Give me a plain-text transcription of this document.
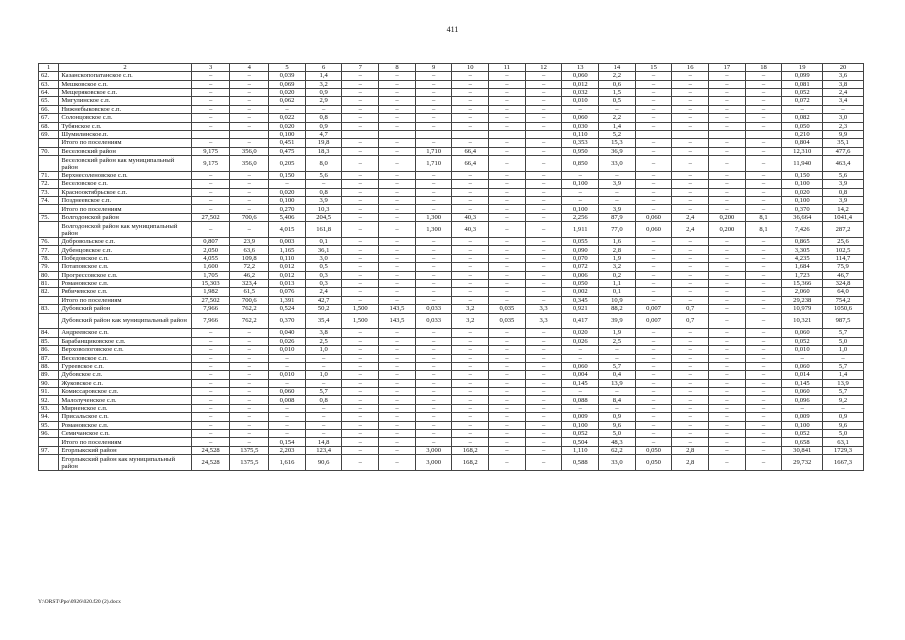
411
1	2	3	4	5	6	7	8	9	10	11	12	13	14	15	16	17	18	19	20
62.	Казанскопопатанское с.п.	–	–	0,039	1,4	–	–	–	–	–	–	0,060	2,2	–	–	–	–	0,099	3,6
63.	Мешковское с.п.	–	–	0,069	3,2	–	–	–	–	–	–	0,012	0,6	–	–	–	–	0,081	3,8
64.	Мещеряковское с.п.	–	–	0,020	0,9	–	–	–	–	–	–	0,032	1,5	–	–	–	–	0,052	2,4
65.	Мигулинское с.п.	–	–	0,062	2,9	–	–	–	–	–	–	0,010	0,5	–	–	–	–	0,072	3,4
66.	Нижнебыковское с.п.	–	–	–	–	–	–	–	–	–	–	–	–	–	–	–	–	–	–
67.	Солонцовское с.п.	–	–	0,022	0,8	–	–	–	–	–	–	0,060	2,2	–	–	–	–	0,082	3,0
68.	Тубянское с.п.	–	–	0,020	0,9	–	–	–	–	–	–	0,030	1,4	–	–	–	–	0,050	2,3
69.	Шумилинское.п.			0,100	4,7							0,110	5,2					0,210	9,9
	Итого по поселениям	–	–	0,451	19,8	–	–	–	–	–	–	0,353	15,3	–	–	–	–	0,804	35,1
70.	Веселовский район	9,175	356,0	0,475	18,3	–	–	1,710	66,4	–	–	0,950	36,9	–	–	–	–	12,310	477,6
	Веселовский район как муниципальный район	9,175	356,0	0,205	8,0	–	–	1,710	66,4	–	–	0,850	33,0	–	–	–	–	11,940	463,4
71.	Верхнесоленовское с.п.	–	–	0,150	5,6	–	–	–	–	–	–	–	–	–	–	–	–	0,150	5,6
72.	Веселовское с.п.	–	–	–	–	–	–	–	–	–	–	0,100	3,9	–	–	–	–	0,100	3,9
73.	Краснооктябрьское с.п.	–	–	0,020	0,8	–	–	–	–	–	–	–	–	–	–	–	–	0,020	0,8
74.	Позднеевское с.п.	–	–	0,100	3,9	–	–	–	–	–	–	–	–	–	–	–	–	0,100	3,9
	Итого по поселениям	–	–	0,270	10,3	–	–	–	–	–	–	0,100	3,9	–	–	–	–	0,370	14,2
75.	Волгодонской район	27,502	700,6	5,406	204,5	–	–	1,300	40,3	–	–	2,256	87,9	0,060	2,4	0,200	8,1	36,664	1041,4
	Волгодонской район как муниципальный район	–	–	4,015	161,8	–	–	1,300	40,3	–	–	1,911	77,0	0,060	2,4	0,200	8,1	7,426	287,2
76.	Добровольское с.п.	0,807	23,9	0,003	0,1	–	–	–	–	–	–	0,055	1,6	–	–	–	–	0,865	25,6
77.	Дубенцовское с.п.	2,050	63,6	1,165	36,1	–	–	–	–	–	–	0,090	2,8	–	–	–	–	3,305	102,5
78.	Победовское с.п.	4,055	109,8	0,110	3,0	–	–	–	–	–	–	0,070	1,9	–	–	–	–	4,235	114,7
79.	Потаповское с.п.	1,600	72,2	0,012	0,5	–	–	–	–	–	–	0,072	3,2	–	–	–	–	1,684	75,9
80.	Прогрессовское с.п.	1,705	46,2	0,012	0,3	–	–	–	–	–	–	0,006	0,2	–	–	–	–	1,723	46,7
81.	Романовское с.п.	15,303	323,4	0,013	0,3	–	–	–	–	–	–	0,050	1,1	–	–	–	–	15,366	324,8
82.	Рябичевское с.п.	1,982	61,5	0,076	2,4	–	–	–	–	–	–	0,002	0,1	–	–	–	–	2,060	64,0
	Итого по поселениям	27,502	700,6	1,391	42,7	–	–	–	–	–	–	0,345	10,9	–	–	–	–	29,238	754,2
83.	Дубовский район	7,966	762,2	0,524	50,2	1,500	143,5	0,033	3,2	0,035	3,3	0,921	88,2	0,007	0,7	–	–	10,979	1050,6
	Дубовский район как муниципальный район	7,966	762,2	0,370	35,4	1,500	143,5	0,033	3,2	0,035	3,3	0,417	39,9	0,007	0,7	–	–	10,321	987,5
84.	Андреевское с.п.	–	–	0,040	3,8	–	–	–	–	–	–	0,020	1,9	–	–	–	–	0,060	5,7
85.	Барабанщиковское с.п.	–	–	0,026	2,5	–	–	–	–	–	–	0,026	2,5	–	–	–	–	0,052	5,0
86.	Верховологовское с.п.	–	–	0,010	1,0	–	–	–	–	–	–	–	–	–	–	–	–	0,010	1,0
87.	Веселовское с.п.	–	–	–	–	–	–	–	–	–	–	–	–	–	–	–	–	–	–
88.	Гуреевское с.п.	–	–	–	–	–	–	–	–	–	–	0,060	5,7	–	–	–	–	0,060	5,7
89.	Дубовское с.п.	–	–	0,010	1,0	–	–	–	–	–	–	0,004	0,4	–	–	–	–	0,014	1,4
90.	Жуковское с.п.	–	–	–	–	–	–	–	–	–	–	0,145	13,9	–	–	–	–	0,145	13,9
91.	Комиссаровское с.п.	–	–	0,060	5,7	–	–	–	–	–	–	–	–	–	–	–	–	0,060	5,7
92.	Малолученское с.п.	–	–	0,008	0,8	–	–	–	–	–	–	0,088	8,4	–	–	–	–	0,096	9,2
93.	Мирненское с.п.	–	–	–	–	–	–	–	–	–	–	–	–	–	–	–	–	–	–
94.	Присальское с.п.	–	–	–	–	–	–	–	–	–	–	0,009	0,9	–	–	–	–	0,009	0,9
95.	Романовское с.п.	–	–	–	–	–	–	–	–	–	–	0,100	9,6	–	–	–	–	0,100	9,6
96.	Семичанское с.п.	–	–	–	–	–	–	–	–	–	–	0,052	5,0	–	–	–	–	0,052	5,0
	Итого по поселениям	–	–	0,154	14,8	–	–	–	–	–	–	0,504	48,3	–	–	–	–	0,658	63,1
97.	Егорлыкский район	24,528	1375,5	2,203	123,4	–	–	3,000	168,2	–	–	1,110	62,2	0,050	2,8	–	–	30,841	1729,3
	Егорлыкский район как муниципальный район	24,528	1375,5	1,616	90,6	–	–	3,000	168,2	–	–	0,588	33,0	0,050	2,8	–	–	29,732	1667,3
Y:\ORST\Ppo\0926\020.f20 (2).docx
